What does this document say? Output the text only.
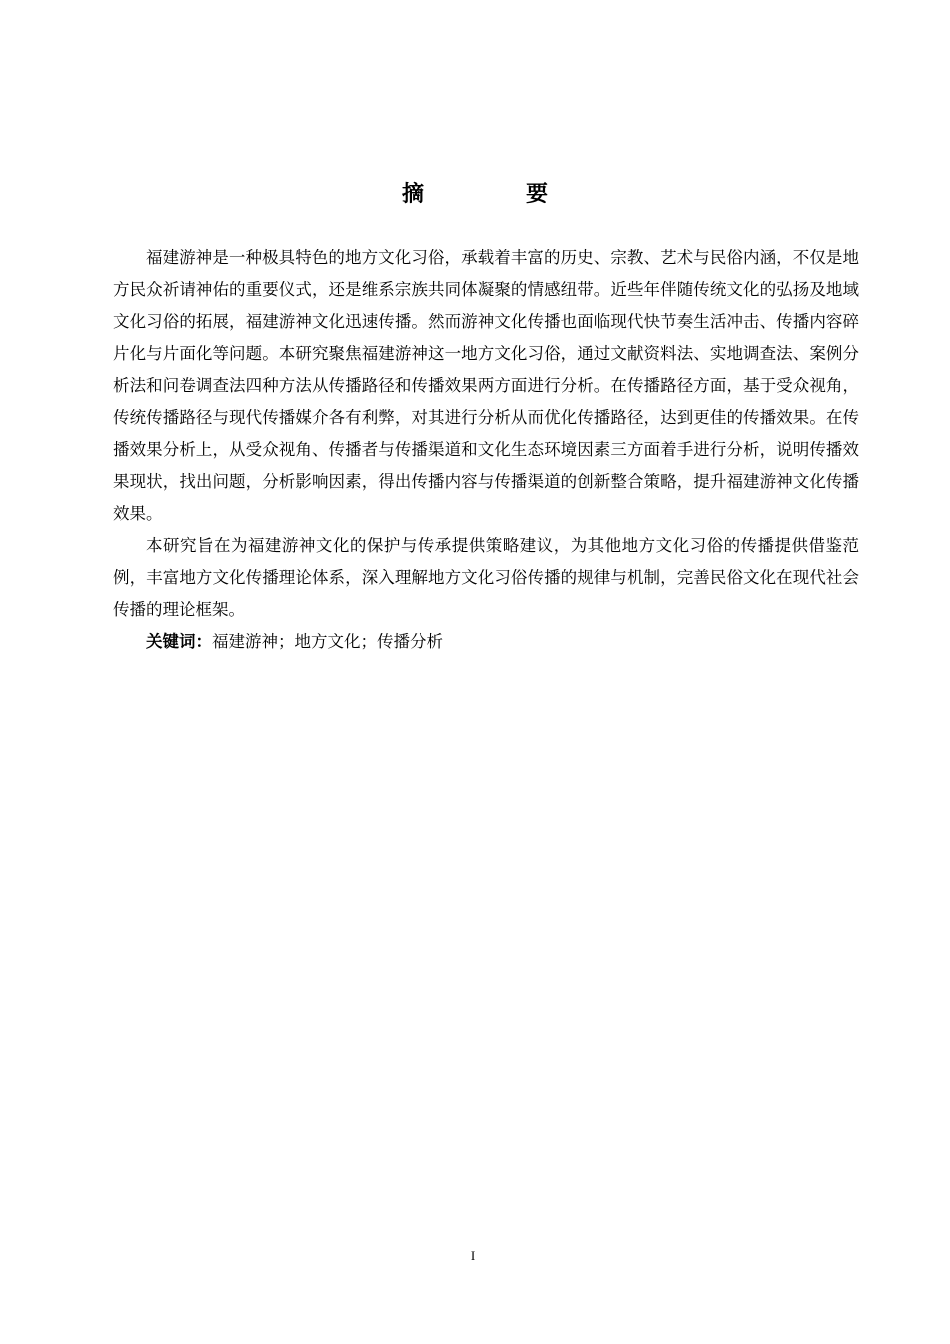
摘　要

福建游神是一种极具特色的地方文化习俗，承载着丰富的历史、宗教、艺术与民俗内涵，不仅是地方民众祈请神佑的重要仪式，还是维系宗族共同体凝聚的情感纽带。近些年伴随传统文化的弘扬及地域文化习俗的拓展，福建游神文化迅速传播。然而游神文化传播也面临现代快节奏生活冲击、传播内容碎片化与片面化等问题。本研究聚焦福建游神这一地方文化习俗，通过文献资料法、实地调查法、案例分析法和问卷调查法四种方法从传播路径和传播效果两方面进行分析。在传播路径方面，基于受众视角，传统传播路径与现代传播媒介各有利弊，对其进行分析从而优化传播路径，达到更佳的传播效果。在传播效果分析上，从受众视角、传播者与传播渠道和文化生态环境因素三方面着手进行分析，说明传播效果现状，找出问题，分析影响因素，得出传播内容与传播渠道的创新整合策略，提升福建游神文化传播效果。

本研究旨在为福建游神文化的保护与传承提供策略建议，为其他地方文化习俗的传播提供借鉴范例，丰富地方文化传播理论体系，深入理解地方文化习俗传播的规律与机制，完善民俗文化在现代社会传播的理论框架。

关键词：福建游神；地方文化；传播分析

I
